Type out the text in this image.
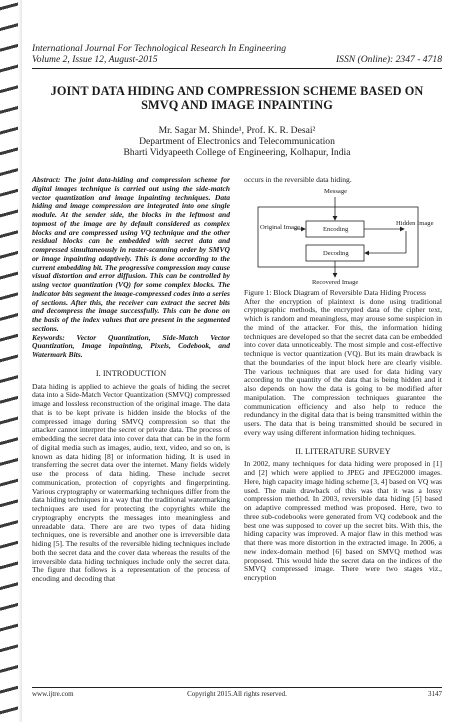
International Journal For Technological Research In Engineering
Volume 2, Issue 12, August-2015	ISSN (Online): 2347 - 4718
JOINT DATA HIDING AND COMPRESSION SCHEME BASED ON
SMVQ AND IMAGE INPAINTING
Mr. Sagar M. Shinde¹, Prof. K. R. Desai²
Department of Electronics and Telecommunication
Bharti Vidyapeeth College of Engineering, Kolhapur, India

Abstract: The joint data-hiding and compression scheme for digital images technique is carried out using the side-match vector quantization and image inpainting techniques. Data hiding and image compression are integrated into one single module. At the sender side, the blocks in the leftmost and topmost of the image are by default considered as complex blocks and are compressed using VQ technique and the other residual blocks can be embedded with secret data and compressed simultaneously in raster-scanning order by SMVQ or image inpainting adaptively. This is done according to the current embedding bit. The progressive compression may cause visual distortion and error diffusion. This can be controlled by using vector quantization (VQ) for some complex blocks. The indicator bits segment the image-compressed codes into a series of sections. After this, the receiver can extract the secret bits and decompress the image successfully. This can be done on the basis of the index values that are present in the segmented sections.

Keywords: Vector Quantization, Side-Match Vector Quantization, Image inpainting, Pixels, Codebook, and Watermark Bits.

I. INTRODUCTION

Data hiding is applied to achieve the goals of hiding the secret data into a Side-Match Vector Quantization (SMVQ) compressed image and lossless reconstruction of the original image. The data that is to be kept private is hidden inside the blocks of the compressed image during SMVQ compression so that the attacker cannot interpret the secret or private data. The process of embedding the secret data into cover data that can be in the form of digital media such as images, audio, text, video, and so on, is known as data hiding [8] or information hiding. It is used in transferring the secret data over the internet. Many fields widely use the process of data hiding. These include secret communication, protection of copyrights and fingerprinting. Various cryptography or watermarking techniques differ from the data hiding techniques in a way that the traditional watermarking techniques are used for protecting the copyrights while the cryptography encrypts the messages into meaningless and unreadable data. There are are two types of data hiding techniques, one is reversible and another one is irreversible data hiding [5]. The results of the reversible hiding techniques include both the secret data and the cover data whereas the results of the irreversible data hiding techniques include only the secret data. The figure that follows is a representation of the process of encoding and decoding that

occurs in the reversible data hiding.

Message
Original Image	Encoding
Hidden Image
Decoding
Recovered Image

Figure 1: Block Diagram of Reversible Data Hiding Process

After the encryption of plaintext is done using traditional cryptographic methods, the encrypted data of the cipher text, which is random and meaningless, may arouse some suspicion in the mind of the attacker. For this, the information hiding techniques are developed so that the secret data can be embedded into cover data unnoticeably. The most simple and cost-effective technique is vector quantization (VQ). But its main drawback is that the boundaries of the input block here are clearly visible. The various techniques that are used for data hiding vary according to the quantity of the data that is being hidden and it also depends on how the data is going to be modified after manipulation. The compression techniques guarantee the communication efficiency and also help to reduce the redundancy in the digital data that is being transmitted within the users. The data that is being transmitted should be secured in every way using different information hiding techniques.

II. LITERATURE SURVEY

In 2002, many techniques for data hiding were proposed in [1] and [2] which were applied to JPEG and JPEG2000 images. Here, high capacity image hiding scheme [3, 4] based on VQ was used. The main drawback of this was that it was a lossy compression method. In 2003, reversible data hiding [5] based on adaptive compressed method was proposed. Here, two to three sub-codebooks were generated from VQ codebook and the best one was supposed to cover up the secret bits. With this, the hiding capacity was improved. A major flaw in this method was that there was more distortion in the extracted image. In 2006, a new index-domain method [6] based on SMVQ method was proposed. This would hide the secret data on the indices of the SMVQ compressed image. There were two stages viz., encryption

www.ijtre.com	Copyright 2015.All rights reserved.	3147
